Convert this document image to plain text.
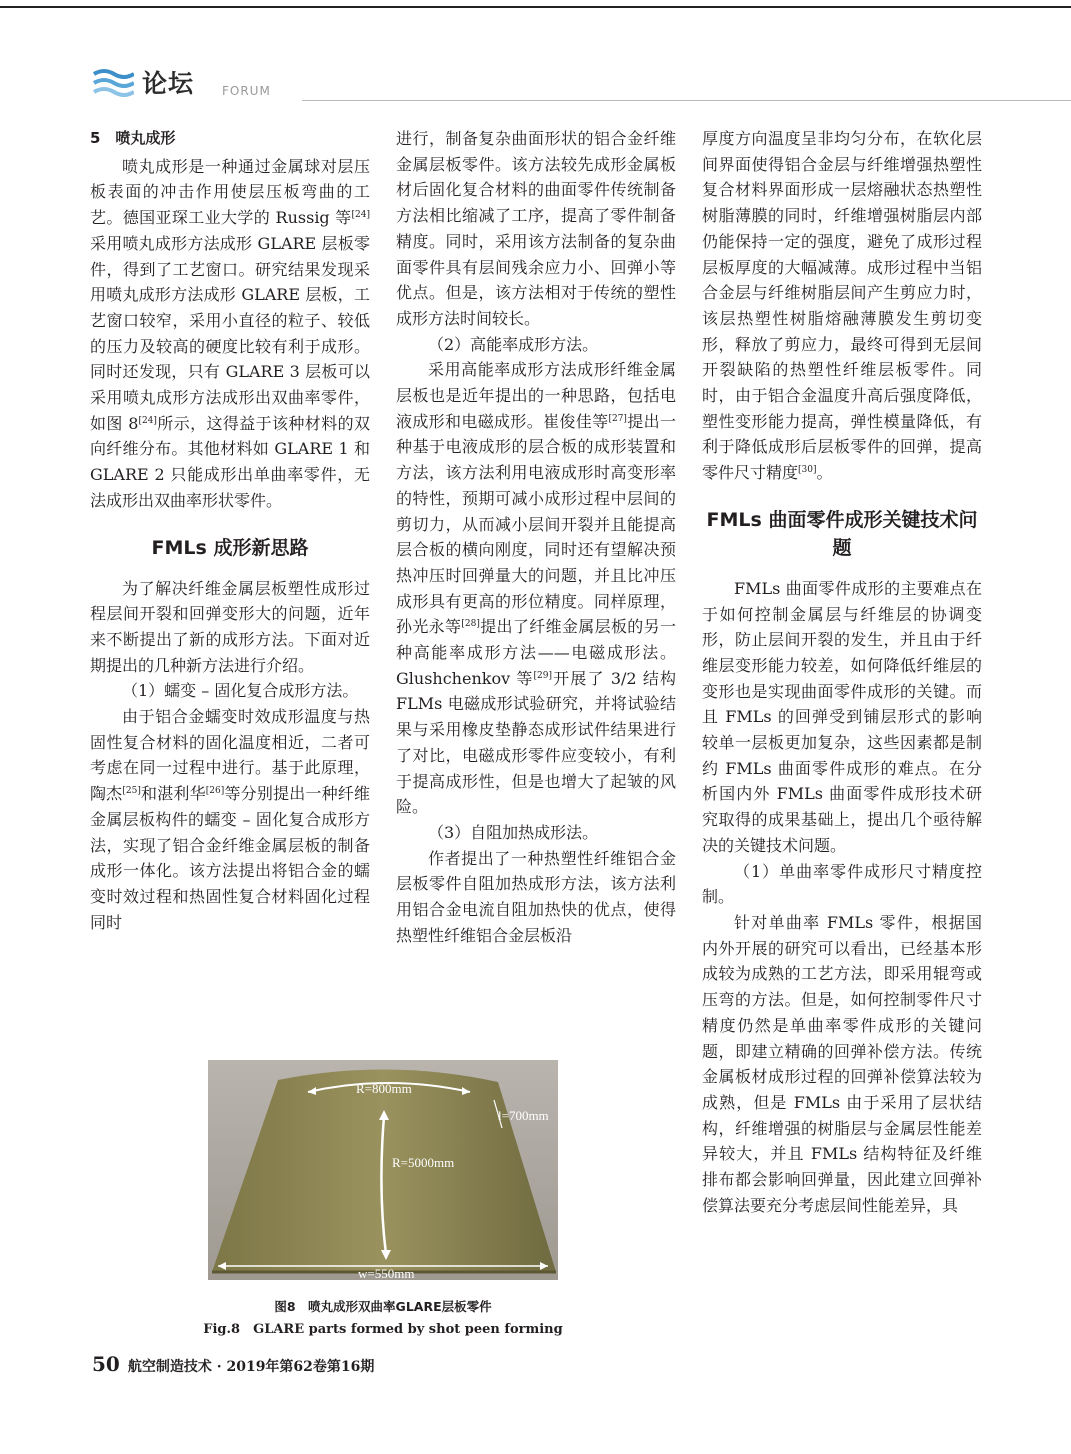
论坛 FORUM
5　喷丸成形

喷丸成形是一种通过金属球对层压板表面的冲击作用使层压板弯曲的工艺。德国亚琛工业大学的 Russig 等[24]采用喷丸成形方法成形 GLARE 层板零件，得到了工艺窗口。研究结果发现采用喷丸成形方法成形 GLARE 层板，工艺窗口较窄，采用小直径的粒子、较低的压力及较高的硬度比较有利于成形。同时还发现，只有 GLARE 3 层板可以采用喷丸成形方法成形出双曲率零件，如图 8[24]所示，这得益于该种材料的双向纤维分布。其他材料如 GLARE 1 和 GLARE 2 只能成形出单曲率零件，无法成形出双曲率形状零件。

FMLs 成形新思路

为了解决纤维金属层板塑性成形过程层间开裂和回弹变形大的问题，近年来不断提出了新的成形方法。下面对近期提出的几种新方法进行介绍。

（1）蠕变 – 固化复合成形方法。

由于铝合金蠕变时效成形温度与热固性复合材料的固化温度相近，二者可考虑在同一过程中进行。基于此原理，陶杰[25]和湛利华[26]等分别提出一种纤维金属层板构件的蠕变 – 固化复合成形方法，实现了铝合金纤维金属层板的制备成形一体化。该方法提出将铝合金的蠕变时效过程和热固性复合材料固化过程同时

进行，制备复杂曲面形状的铝合金纤维金属层板零件。该方法较先成形金属板材后固化复合材料的曲面零件传统制备方法相比缩减了工序，提高了零件制备精度。同时，采用该方法制备的复杂曲面零件具有层间残余应力小、回弹小等优点。但是，该方法相对于传统的塑性成形方法时间较长。

（2）高能率成形方法。

采用高能率成形方法成形纤维金属层板也是近年提出的一种思路，包括电液成形和电磁成形。崔俊佳等[27]提出一种基于电液成形的层合板的成形装置和方法，该方法利用电液成形时高变形率的特性，预期可减小成形过程中层间的剪切力，从而减小层间开裂并且能提高层合板的横向刚度，同时还有望解决预热冲压时回弹量大的问题，并且比冲压成形具有更高的形位精度。同样原理，孙光永等[28]提出了纤维金属层板的另一种高能率成形方法——电磁成形法。Glushchenkov 等[29]开展了 3/2 结构 FLMs 电磁成形试验研究，并将试验结果与采用橡皮垫静态成形试件结果进行了对比，电磁成形零件应变较小，有利于提高成形性，但是也增大了起皱的风险。

（3）自阻加热成形法。

作者提出了一种热塑性纤维铝合金层板零件自阻加热成形方法，该方法利用铝合金电流自阻加热快的优点，使得热塑性纤维铝合金层板沿

厚度方向温度呈非均匀分布，在软化层间界面使得铝合金层与纤维增强热塑性复合材料界面形成一层熔融状态热塑性树脂薄膜的同时，纤维增强树脂层内部仍能保持一定的强度，避免了成形过程层板厚度的大幅减薄。成形过程中当铝合金层与纤维树脂层间产生剪应力时，该层热塑性树脂熔融薄膜发生剪切变形，释放了剪应力，最终可得到无层间开裂缺陷的热塑性纤维层板零件。同时，由于铝合金温度升高后强度降低，塑性变形能力提高，弹性模量降低，有利于降低成形后层板零件的回弹，提高零件尺寸精度[30]。

FMLs 曲面零件成形关键技术问题

FMLs 曲面零件成形的主要难点在于如何控制金属层与纤维层的协调变形，防止层间开裂的发生，并且由于纤维层变形能力较差，如何降低纤维层的变形也是实现曲面零件成形的关键。而且 FMLs 的回弹受到铺层形式的影响较单一层板更加复杂，这些因素都是制约 FMLs 曲面零件成形的难点。在分析国内外 FMLs 曲面零件成形技术研究取得的成果基础上，提出几个亟待解决的关键技术问题。

（1）单曲率零件成形尺寸精度控制。

针对单曲率 FMLs 零件，根据国内外开展的研究可以看出，已经基本形成较为成熟的工艺方法，即采用辊弯或压弯的方法。但是，如何控制零件尺寸精度仍然是单曲率零件成形的关键问题，即建立精确的回弹补偿方法。传统金属板材成形过程的回弹补偿算法较为成熟，但是 FMLs 由于采用了层状结构，纤维增强的树脂层与金属层性能差异较大，并且 FMLs 结构特征及纤维排布都会影响回弹量，因此建立回弹补偿算法要充分考虑层间性能差异，具

R=800mm
l=700mm
R=5000mm
w=550mm
图8　喷丸成形双曲率GLARE层板零件
Fig.8　GLARE parts formed by shot peen forming
50 航空制造技术 · 2019年第62卷第16期
